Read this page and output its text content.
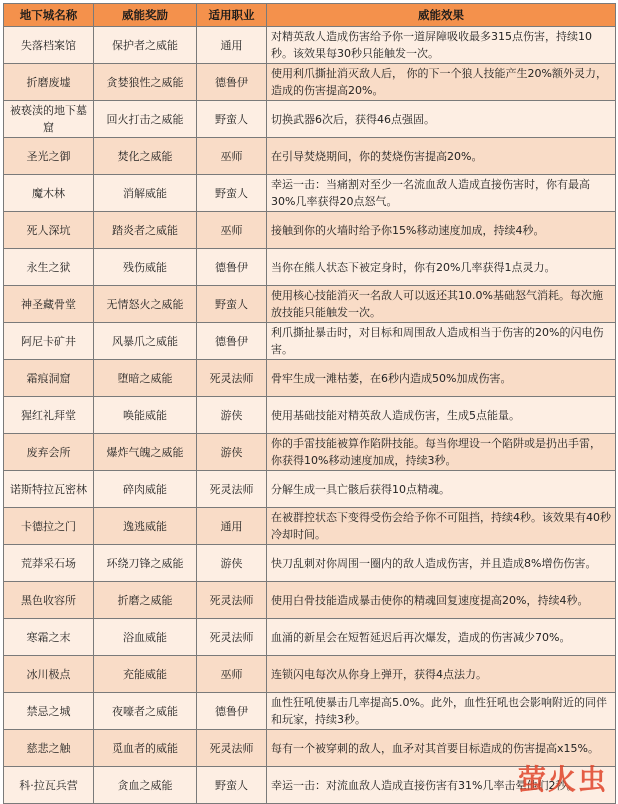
地下城名称	威能奖励	适用职业	威能效果
失落档案馆	保护者之威能	通用	对精英敌人造成伤害给予你一道屏障吸收最多315点伤害，持续10秒。该效果每30秒只能触发一次。
折磨废墟	贪婪狼性之威能	德鲁伊	使用利爪撕扯消灭敌人后， 你的下一个狼人技能产生20%额外灵力，造成的伤害提高20%。
被亵渎的地下墓窟	回火打击之威能	野蛮人	切换武器6次后，获得46点强固。
圣光之御	焚化之威能	巫师	在引导焚烧期间，你的焚烧伤害提高20%。
魔木林	消解威能	野蛮人	幸运一击：当痛割对至少一名流血敌人造成直接伤害时，你有最高30%几率获得20点怒气。
死人深坑	踏炎者之威能	巫师	接触到你的火墙时给予你15%移动速度加成，持续4秒。
永生之狱	残伤威能	德鲁伊	当你在熊人状态下被定身时，你有20%几率获得1点灵力。
神圣藏骨堂	无情怒火之威能	野蛮人	使用核心技能消灭一名敌人可以返还其10.0%基础怒气消耗。每次施放技能只能触发一次。
阿尼卡矿井	风暴爪之威能	德鲁伊	利爪撕扯暴击时，对目标和周围敌人造成相当于伤害的20%的闪电伤害。
霜痕洞窟	堕暗之威能	死灵法师	骨牢生成一滩枯萎，在6秒内造成50%加成伤害。
猩红礼拜堂	唤能威能	游侠	使用基础技能对精英敌人造成伤害，生成5点能量。
废弃会所	爆炸气魄之威能	游侠	你的手雷技能被算作陷阱技能。每当你埋设一个陷阱或是扔出手雷，你获得10%移动速度加成，持续3秒。
诺斯特拉瓦密林	碎肉威能	死灵法师	分解生成一具亡骸后获得10点精魂。
卡德拉之门	逸逃威能	通用	在被群控状态下变得受伤会给予你不可阻挡，持续4秒。该效果有40秒冷却时间。
荒莽采石场	环绕刀锋之威能	游侠	快刀乱刺对你周围一圈内的敌人造成伤害，并且造成8%增伤伤害。
黑色收容所	折磨之威能	死灵法师	使用白骨技能造成暴击使你的精魂回复速度提高20%，持续4秒。
寒霜之末	浴血威能	死灵法师	血涌的新星会在短暂延迟后再次爆发，造成的伤害减少70%。
冰川极点	充能威能	巫师	连锁闪电每次从你身上弹开，获得4点法力。
禁忌之城	夜嚎者之威能	德鲁伊	血性狂吼使暴击几率提高5.0%。此外，血性狂吼也会影响附近的同伴和玩家，持续3秒。
慈悲之触	觅血者的威能	死灵法师	每有一个被穿刺的敌人，血矛对其首要目标造成的伤害提高x15%。
科·拉瓦兵营	贪血之威能	野蛮人	幸运一击：对流血敌人造成直接伤害有31%几率击晕他们2秒。
萤火虫
